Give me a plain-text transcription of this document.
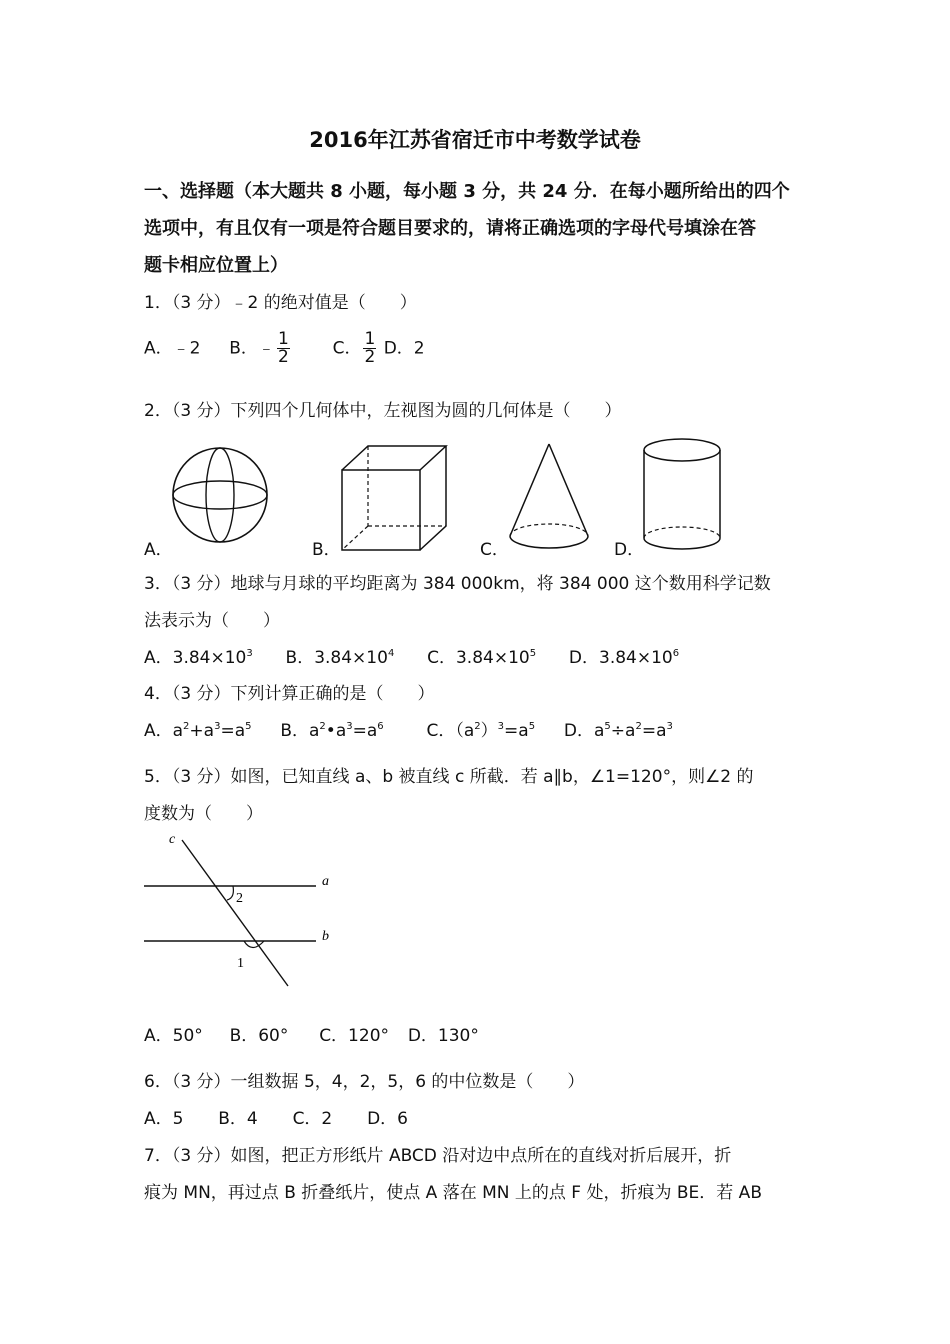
2016年江苏省宿迁市中考数学试卷
一、选择题（本大题共 8 小题，每小题 3 分，共 24 分．在每小题所给出的四个
选项中，有且仅有一项是符合题目要求的，请将正确选项的字母代号填涂在答
题卡相应位置上）
1．（3 分）﹣2 的绝对值是（　　）
A．﹣2 B．﹣ $\frac{1}{2}$	C． $\frac{1}{2}$ D．2
2．（3 分）下列四个几何体中，左视图为圆的几何体是（　　）
A．	B．	C．	D．
3．（3 分）地球与月球的平均距离为 384 000km，将 384 000 这个数用科学记数
法表示为（　　）
A．$3.84\times 10^3$ B．$3.84\times 10^4$ C．$3.84\times 10^5$ D．$3.84\times 10^6$
4．（3 分）下列计算正确的是（　　）
A．$a^2+a^3=a^5$ B．$a^2•a^3=a^6$	C．$(a^2)^3=a^5$ D．$a^5\div a^2=a^3$
5．（3 分）如图，已知直线 a、b 被直线 c 所截．若 a∥b，∠1=120°，则∠2 的
度数为（　　）
c
a
b
2
1
A．50° B．60° C．120° D．130°
6．（3 分）一组数据 5，4，2，5，6 的中位数是（　　）
A．5 B．4 C．2 D．6
7．（3 分）如图，把正方形纸片 ABCD 沿对边中点所在的直线对折后展开，折
痕为 MN，再过点 B 折叠纸片，使点 A 落在 MN 上的点 F 处，折痕为 BE．若 AB
